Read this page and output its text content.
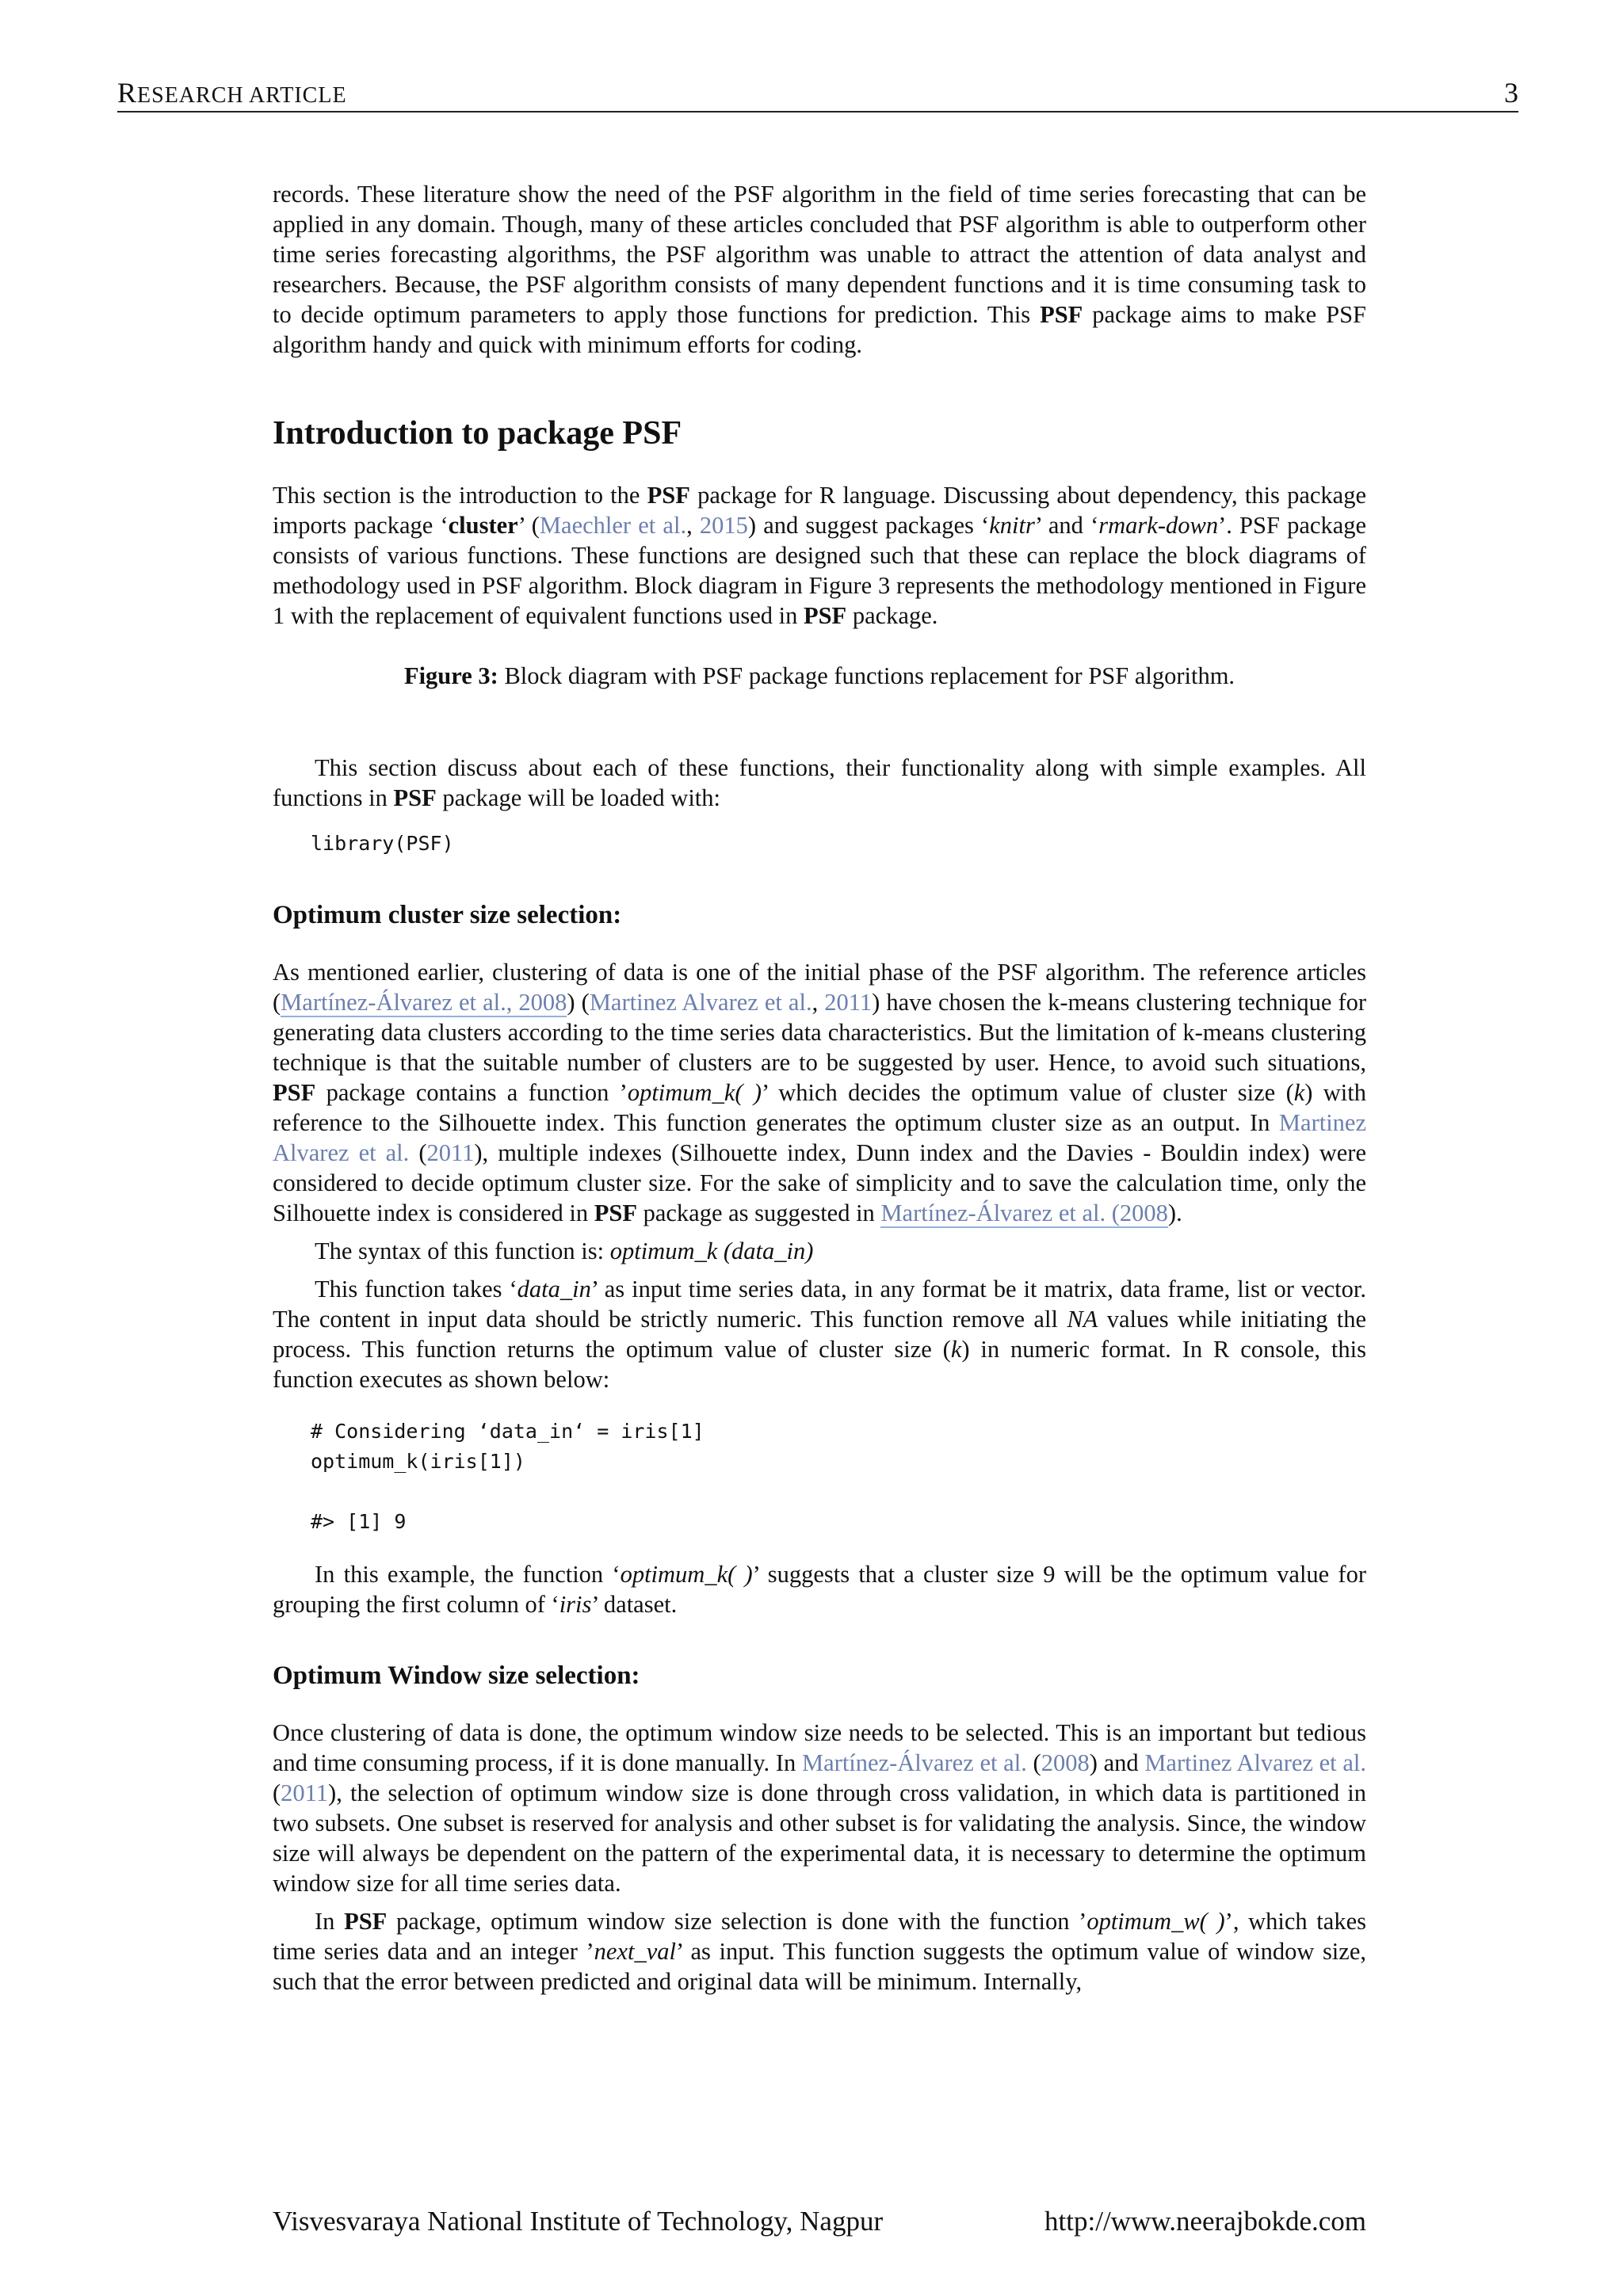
RESEARCH ARTICLE	3

records. These literature show the need of the PSF algorithm in the field of time series forecasting that can be applied in any domain. Though, many of these articles concluded that PSF algorithm is able to outperform other time series forecasting algorithms, the PSF algorithm was unable to attract the attention of data analyst and researchers. Because, the PSF algorithm consists of many dependent functions and it is time consuming task to to decide optimum parameters to apply those functions for prediction. This PSF package aims to make PSF algorithm handy and quick with minimum efforts for coding.

Introduction to package PSF

This section is the introduction to the PSF package for R language. Discussing about dependency, this package imports package ‘cluster’ (Maechler et al., 2015) and suggest packages ‘knitr’ and ‘rmark-down’. PSF package consists of various functions. These functions are designed such that these can replace the block diagrams of methodology used in PSF algorithm. Block diagram in Figure 3 represents the methodology mentioned in Figure 1 with the replacement of equivalent functions used in PSF package.

Figure 3: Block diagram with PSF package functions replacement for PSF algorithm.

This section discuss about each of these functions, their functionality along with simple examples. All functions in PSF package will be loaded with:

library(PSF)
Optimum cluster size selection:

As mentioned earlier, clustering of data is one of the initial phase of the PSF algorithm. The reference articles (Martínez-Álvarez et al., 2008) (Martinez Alvarez et al., 2011) have chosen the k-means clustering technique for generating data clusters according to the time series data characteristics. But the limitation of k-means clustering technique is that the suitable number of clusters are to be suggested by user. Hence, to avoid such situations, PSF package contains a function ’optimum_k( )’ which decides the optimum value of cluster size (k) with reference to the Silhouette index. This function generates the optimum cluster size as an output. In Martinez Alvarez et al. (2011), multiple indexes (Silhouette index, Dunn index and the Davies - Bouldin index) were considered to decide optimum cluster size. For the sake of simplicity and to save the calculation time, only the Silhouette index is considered in PSF package as suggested in Martínez-Álvarez et al. (2008).

The syntax of this function is: optimum_k (data_in)

This function takes ‘data_in’ as input time series data, in any format be it matrix, data frame, list or vector. The content in input data should be strictly numeric. This function remove all NA values while initiating the process. This function returns the optimum value of cluster size (k) in numeric format. In R console, this function executes as shown below:

# Considering ‘data_in‘ = iris[1]
optimum_k(iris[1])

#> [1] 9

In this example, the function ‘optimum_k( )’ suggests that a cluster size 9 will be the optimum value for grouping the first column of ‘iris’ dataset.

Optimum Window size selection:

Once clustering of data is done, the optimum window size needs to be selected. This is an important but tedious and time consuming process, if it is done manually. In Martínez-Álvarez et al. (2008) and Martinez Alvarez et al. (2011), the selection of optimum window size is done through cross validation, in which data is partitioned in two subsets. One subset is reserved for analysis and other subset is for validating the analysis. Since, the window size will always be dependent on the pattern of the experimental data, it is necessary to determine the optimum window size for all time series data.

In PSF package, optimum window size selection is done with the function ’optimum_w( )’, which takes time series data and an integer ’next_val’ as input. This function suggests the optimum value of window size, such that the error between predicted and original data will be minimum. Internally,

Visvesvaraya National Institute of Technology, Nagpur	http://www.neerajbokde.com
